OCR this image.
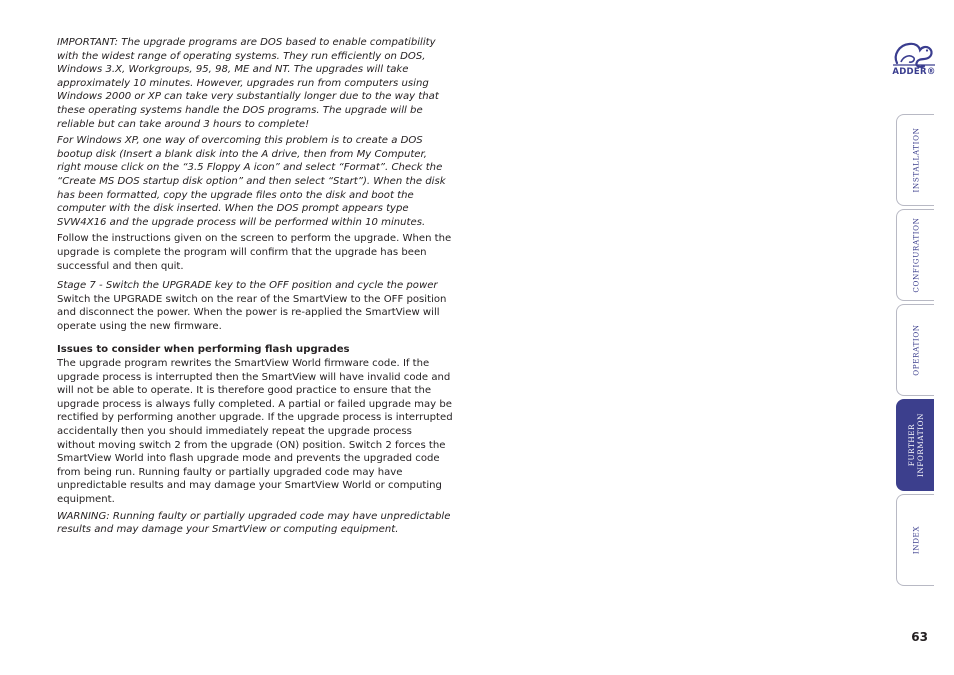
IMPORTANT: The upgrade programs are DOS based to enable compatibility with the widest range of operating systems. They run efficiently on DOS, Windows 3.X, Workgroups, 95, 98, ME and NT. The upgrades will take approximately 10 minutes. However, upgrades run from computers using Windows 2000 or XP can take very substantially longer due to the way that these operating systems handle the DOS programs. The upgrade will be reliable but can take around 3 hours to complete!

For Windows XP, one way of overcoming this problem is to create a DOS bootup disk (Insert a blank disk into the A drive, then from My Computer, right mouse click on the “3.5 Floppy A icon” and select “Format”. Check the “Create MS DOS startup disk option” and then select “Start”). When the disk has been formatted, copy the upgrade files onto the disk and boot the computer with the disk inserted. When the DOS prompt appears type SVW4X16 and the upgrade process will be performed within 10 minutes.

Follow the instructions given on the screen to perform the upgrade. When the upgrade is complete the program will confirm that the upgrade has been successful and then quit.

Stage 7 - Switch the UPGRADE key to the OFF position and cycle the power
Switch the UPGRADE switch on the rear of the SmartView to the OFF position and disconnect the power. When the power is re-applied the SmartView will operate using the new firmware.

Issues to consider when performing flash upgrades

The upgrade program rewrites the SmartView World firmware code. If the upgrade process is interrupted then the SmartView will have invalid code and will not be able to operate. It is therefore good practice to ensure that the upgrade process is always fully completed. A partial or failed upgrade may be rectified by performing another upgrade. If the upgrade process is interrupted accidentally then you should immediately repeat the upgrade process without moving switch 2 from the upgrade (ON) position. Switch 2 forces the SmartView World into flash upgrade mode and prevents the upgraded code from being run. Running faulty or partially upgraded code may have unpredictable results and may damage your SmartView World or computing equipment.

WARNING: Running faulty or partially upgraded code may have unpredictable results and may damage your SmartView or computing equipment.

ADDER®
INSTALLATION
CONFIGURATION
OPERATION
FURTHER
INFORMATION
INDEX
63
